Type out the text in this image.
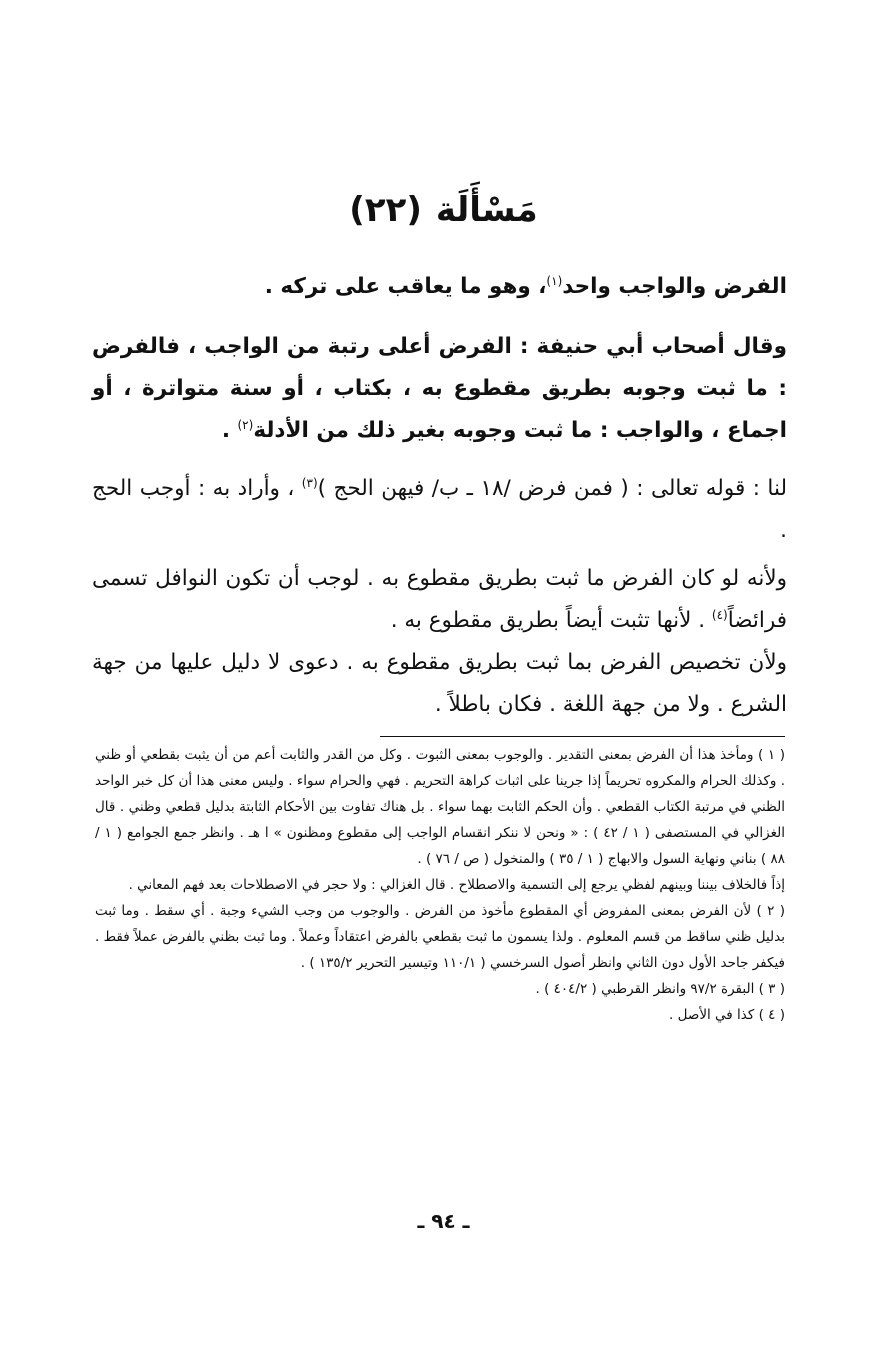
مَسْأَلَة(٢٢)

الفرض والواجب واحد$^{(١)}$، وهو ما يعاقب على تركه .

وقال أصحاب أبي حنيفة : الفرض أعلى رتبة من الواجب ، فالفرض : ما ثبت وجوبه بطريق مقطوع به ، بكتاب ، أو سنة متواترة ، أو اجماع ، والواجب : ما ثبت وجوبه بغير ذلك من الأدلة$^{(٢)}$ .

لنا : قوله تعالى : ( فمن فرض /١٨ ـ ب/ فيهن الحج )$^{(٣)}$ ، وأراد به : أوجب الحج .

ولأنه لو كان الفرض ما ثبت بطريق مقطوع به . لوجب أن تكون النوافل تسمى فرائضاً$^{(٤)}$ . لأنها تثبت أيضاً بطريق مقطوع به .

ولأن تخصيص الفرض بما ثبت بطريق مقطوع به . دعوى لا دليل عليها من جهة الشرع . ولا من جهة اللغة . فكان باطلاً .

( ١ ) ومأخذ هذا أن الفرض بمعنى التقدير . والوجوب بمعنى الثبوت . وكل من القدر والثابت أعم من أن يثبت بقطعي أو ظني . وكذلك الحرام والمكروه تحريماً إذا جرينا على اثبات كراهة التحريم . فهي والحرام سواء . وليس معنى هذا أن كل خبر الواحد الظني في مرتبة الكتاب القطعي . وأن الحكم الثابت بهما سواء . بل هناك تفاوت بين الأحكام الثابتة بدليل قطعي وظني . قال الغزالي في المستصفى ( ١ / ٤٢ ) : « ونحن لا ننكر انقسام الواجب إلى مقطوع ومظنون » ا هـ . وانظر جمع الجوامع ( ١ / ٨٨ ) بناني ونهاية السول والابهاج ( ١ / ٣٥ ) والمنخول ( ص / ٧٦ ) .

إذاً فالخلاف بيننا وبينهم لفظي يرجع إلى التسمية والاصطلاح . قال الغزالي : ولا حجر في الاصطلاحات بعد فهم المعاني .

( ٢ ) لأن الفرض بمعنى المفروض أي المقطوع مأخوذ من الفرض . والوجوب من وجب الشيء وجبة . أي سقط . وما ثبت بدليل ظني ساقط من قسم المعلوم . ولذا يسمون ما ثبت بقطعي بالفرض اعتقاداً وعملاً . وما ثبت بظني بالفرض عملاً فقط . فيكفر جاحد الأول دون الثاني وانظر أصول السرخسي ( ١١٠/١ وتيسير التحرير ١٣٥/٢ ) .

( ٣ ) البقرة ٩٧/٢ وانظر القرطبي ( ٤٠٤/٢ ) .

( ٤ ) كذا في الأصل .

ـ ٩٤ ـ
